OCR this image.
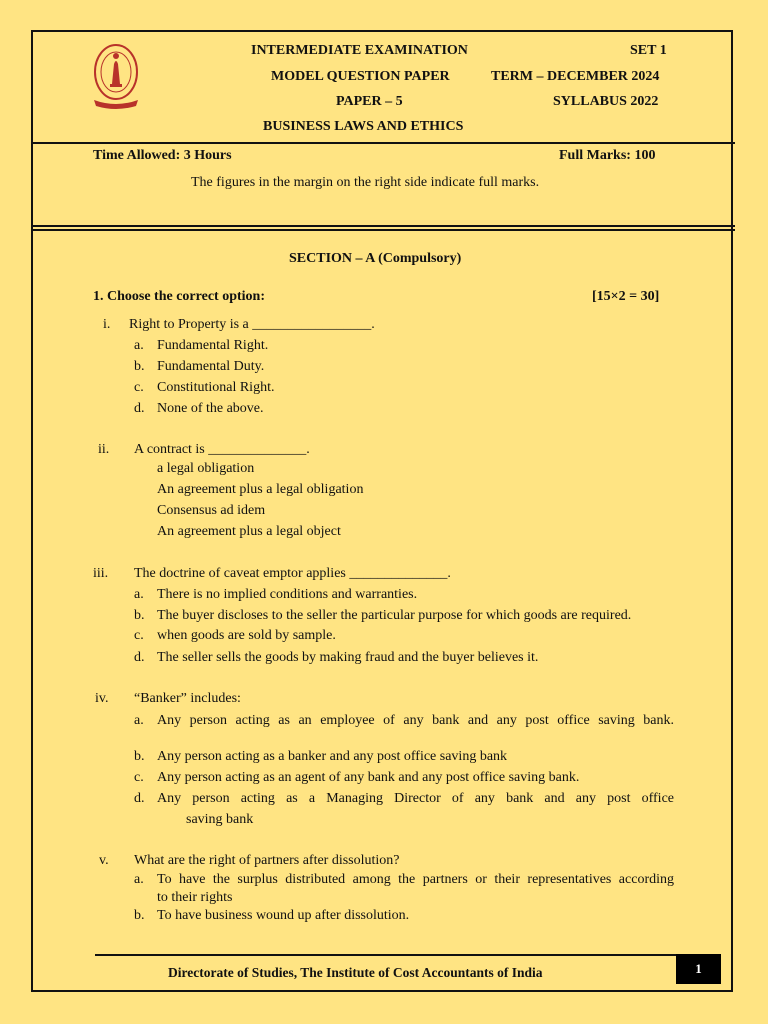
INTERMEDIATE EXAMINATION	SET 1
MODEL QUESTION PAPER	TERM – DECEMBER 2024
PAPER – 5	SYLLABUS 2022
BUSINESS LAWS AND ETHICS
Time Allowed: 3 Hours	Full Marks: 100
The figures in the margin on the right side indicate full marks.
SECTION – A (Compulsory)
1. Choose the correct option:	[15×2 = 30]
i. Right to Property is a _________________.
a. Fundamental Right.
b. Fundamental Duty.
c. Constitutional Right.
d. None of the above.
ii. A contract is ______________.
a legal obligation
An agreement plus a legal obligation
Consensus ad idem
An agreement plus a legal object
iii. The doctrine of caveat emptor applies ______________.
a. There is no implied conditions and warranties.
b. The buyer discloses to the seller the particular purpose for which goods are required.
c. when goods are sold by sample.
d. The seller sells the goods by making fraud and the buyer believes it.
iv. “Banker” includes:
a. Any person acting as an employee of any bank and any post office saving bank.
b. Any person acting as a banker and any post office saving bank
c. Any person acting as an agent of any bank and any post office saving bank.
d. Any person acting as a Managing Director of any bank and any post office
saving bank
v. What are the right of partners after dissolution?
a. To have the surplus distributed among the partners or their representatives according
to their rights
b. To have business wound up after dissolution.
Directorate of Studies, The Institute of Cost Accountants of India	1
